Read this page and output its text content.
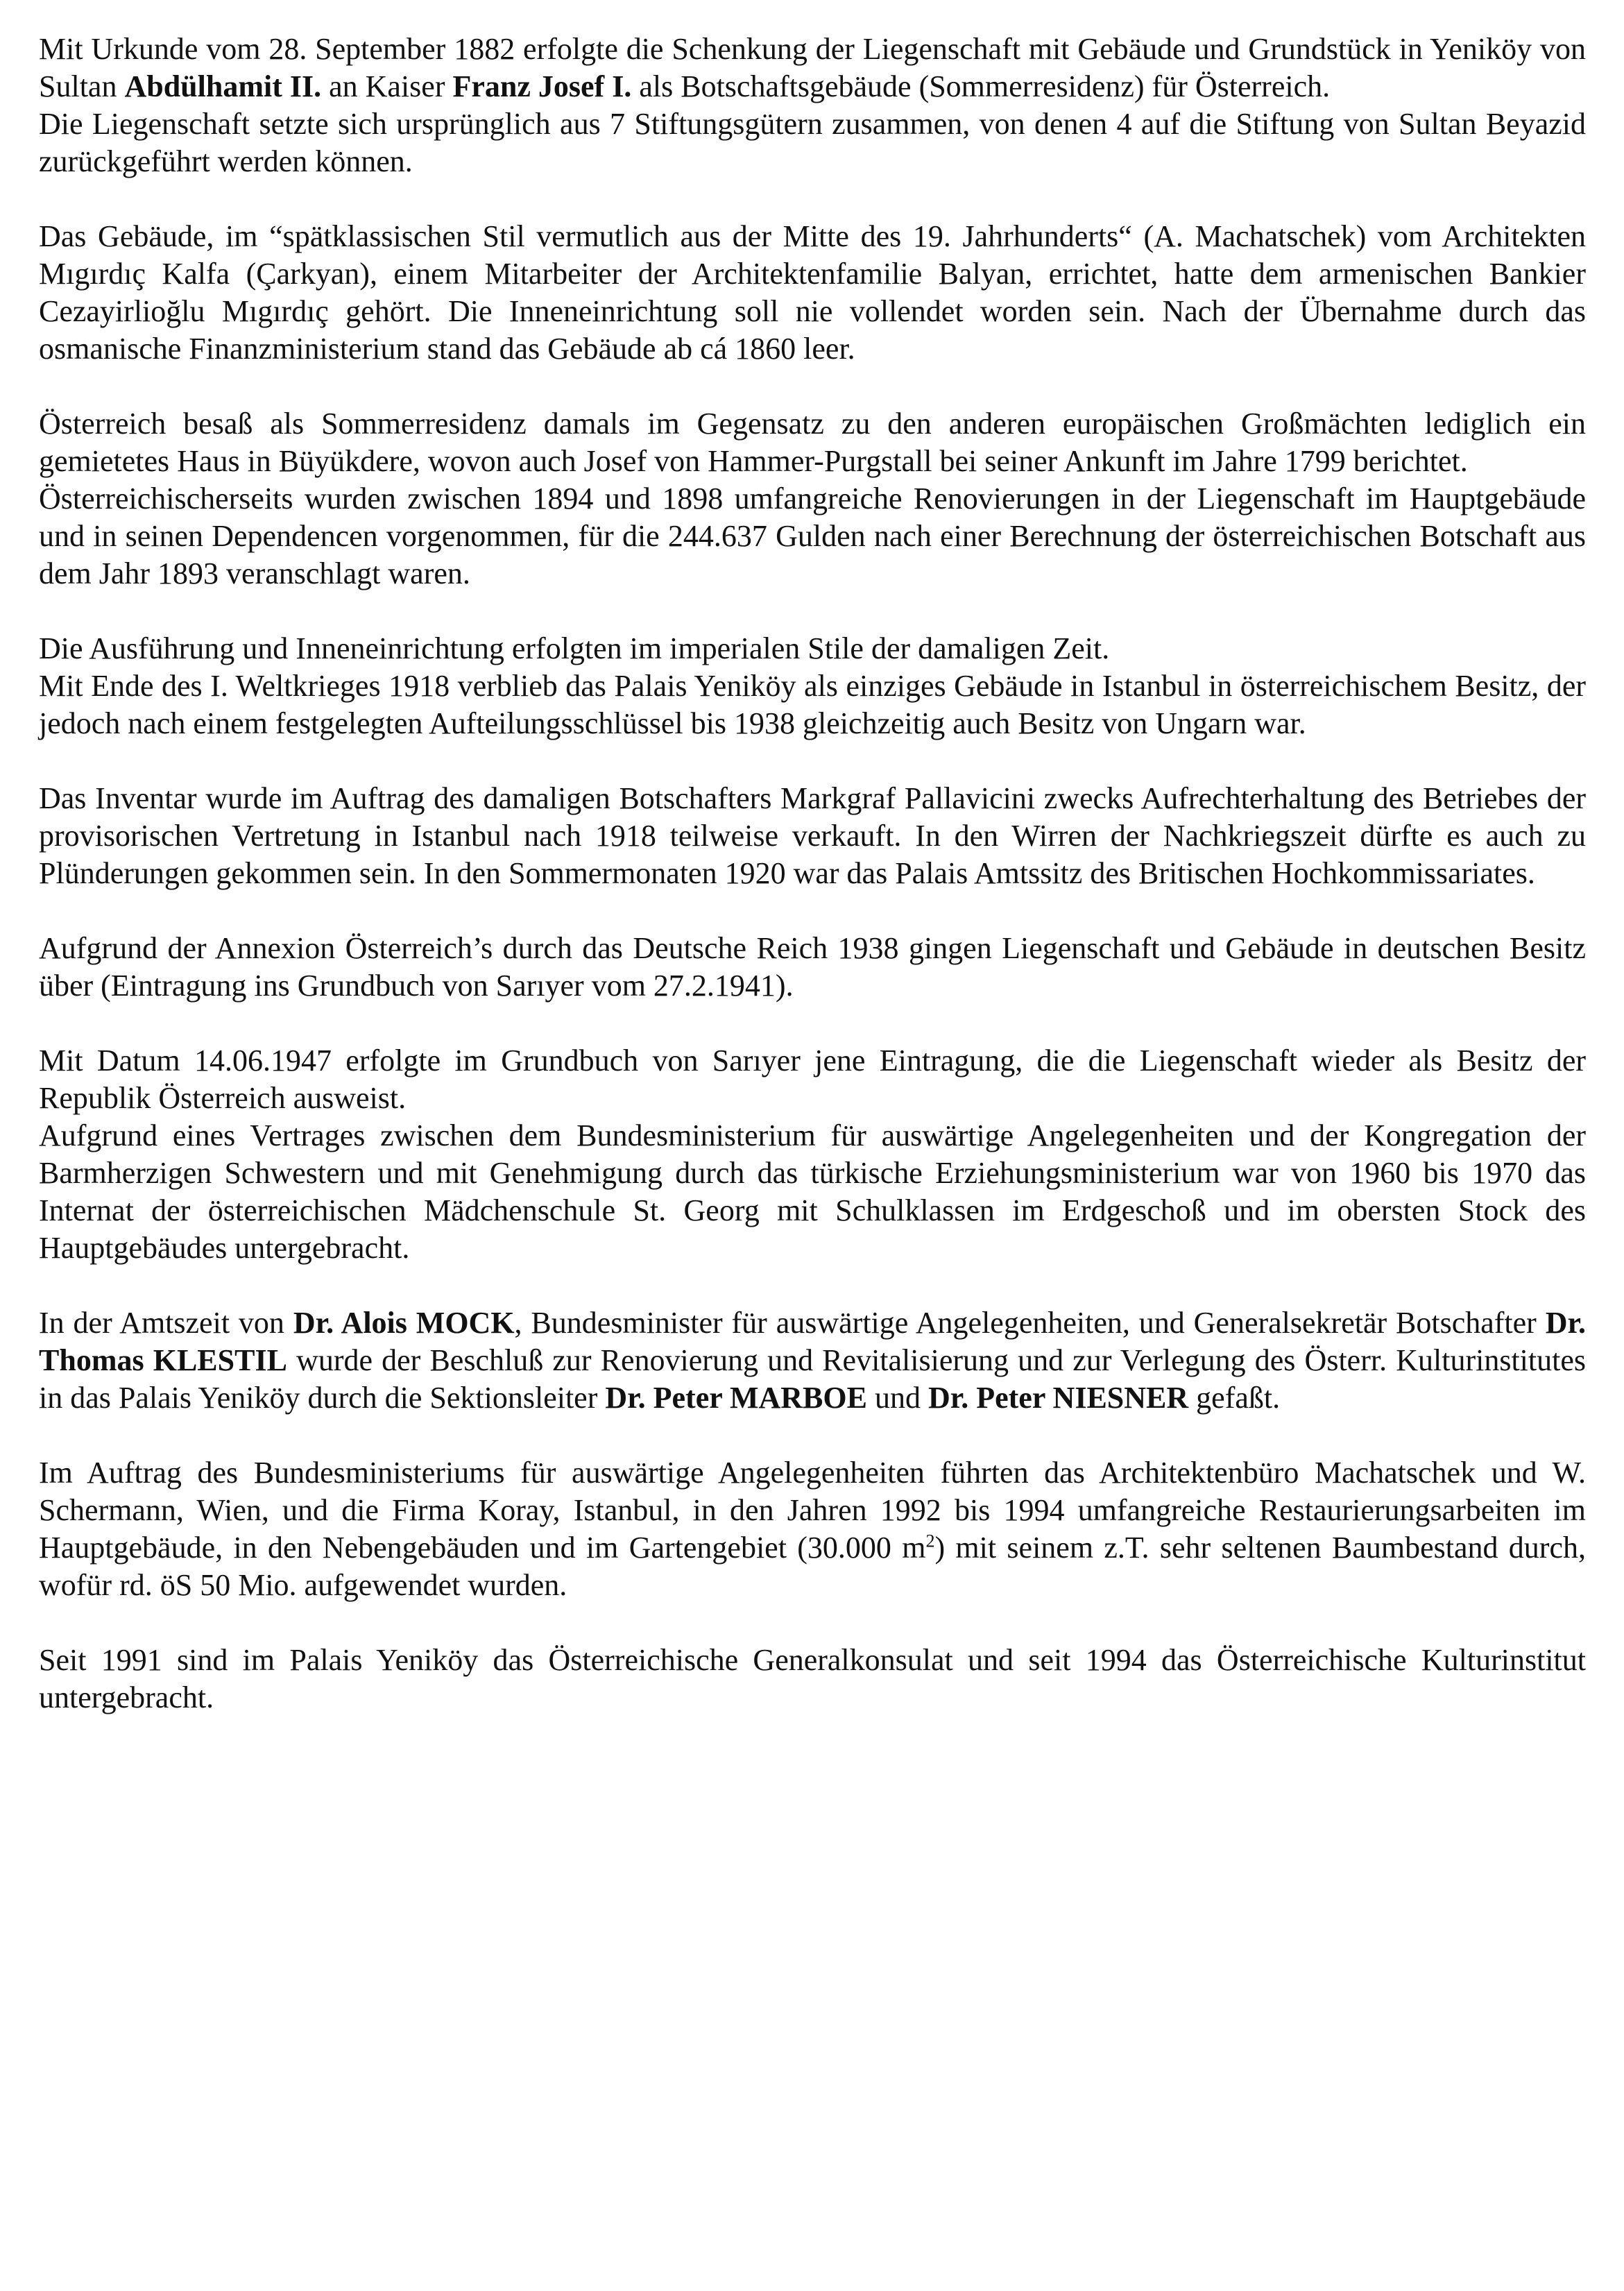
Mit Urkunde vom 28. September 1882 erfolgte die Schenkung der Liegenschaft mit Gebäude und Grundstück in Yeniköy von Sultan Abdülhamit II. an Kaiser Franz Josef I. als Botschaftsgebäude (Sommerresidenz) für Österreich.

Die Liegenschaft setzte sich ursprünglich aus 7 Stiftungsgütern zusammen, von denen 4 auf die Stiftung von Sultan Beyazid zurückgeführt werden können.

Das Gebäude, im “spätklassischen Stil vermutlich aus der Mitte des 19. Jahrhunderts“ (A. Machatschek) vom Architekten Mıgırdıç Kalfa (Çarkyan), einem Mitarbeiter der Architektenfamilie Balyan, errichtet, hatte dem armenischen Bankier Cezayirlioğlu Mıgırdıç gehört. Die Inneneinrichtung soll nie vollendet worden sein. Nach der Übernahme durch das osmanische Finanzministerium stand das Gebäude ab cá 1860 leer.

Österreich besaß als Sommerresidenz damals im Gegensatz zu den anderen europäischen Großmächten lediglich ein gemietetes Haus in Büyükdere, wovon auch Josef von Hammer-Purgstall bei seiner Ankunft im Jahre 1799 berichtet.

Österreichischerseits wurden zwischen 1894 und 1898 umfangreiche Renovierungen in der Liegenschaft im Hauptgebäude und in seinen Dependencen vorgenommen, für die 244.637 Gulden nach einer Berechnung der österreichischen Botschaft aus dem Jahr 1893 veranschlagt waren.

Die Ausführung und Inneneinrichtung erfolgten im imperialen Stile der damaligen Zeit.

Mit Ende des I. Weltkrieges 1918 verblieb das Palais Yeniköy als einziges Gebäude in Istanbul in österreichischem Besitz, der jedoch nach einem festgelegten Aufteilungsschlüssel bis 1938 gleichzeitig auch Besitz von Ungarn war.

Das Inventar wurde im Auftrag des damaligen Botschafters Markgraf Pallavicini zwecks Aufrechterhaltung des Betriebes der provisorischen Vertretung in Istanbul nach 1918 teilweise verkauft. In den Wirren der Nachkriegszeit dürfte es auch zu Plünderungen gekommen sein. In den Sommermonaten 1920 war das Palais Amtssitz des Britischen Hochkommissariates.

Aufgrund der Annexion Österreich’s durch das Deutsche Reich 1938 gingen Liegenschaft und Gebäude in deutschen Besitz über (Eintragung ins Grundbuch von Sarıyer vom 27.2.1941).

Mit Datum 14.06.1947 erfolgte im Grundbuch von Sarıyer jene Eintragung, die die Liegenschaft wieder als Besitz der Republik Österreich ausweist.

Aufgrund eines Vertrages zwischen dem Bundesministerium für auswärtige Angelegenheiten und der Kongregation der Barmherzigen Schwestern und mit Genehmigung durch das türkische Erziehungsministerium war von 1960 bis 1970 das Internat der österreichischen Mädchenschule St. Georg mit Schulklassen im Erdgeschoß und im obersten Stock des Hauptgebäudes untergebracht.

In der Amtszeit von Dr. Alois MOCK, Bundesminister für auswärtige Angelegenheiten, und Generalsekretär Botschafter Dr. Thomas KLESTIL wurde der Beschluß zur Renovierung und Revitalisierung und zur Verlegung des Österr. Kulturinstitutes in das Palais Yeniköy durch die Sektionsleiter Dr. Peter MARBOE und Dr. Peter NIESNER gefaßt.

Im Auftrag des Bundesministeriums für auswärtige Angelegenheiten führten das Architektenbüro Machatschek und W. Schermann, Wien, und die Firma Koray, Istanbul, in den Jahren 1992 bis 1994 umfangreiche Restaurierungsarbeiten im Hauptgebäude, in den Nebengebäuden und im Gartengebiet (30.000 $m^2$) mit seinem z.T. sehr seltenen Baumbestand durch, wofür rd. öS 50 Mio. aufgewendet wurden.

Seit 1991 sind im Palais Yeniköy das Österreichische Generalkonsulat und seit 1994 das Österreichische Kulturinstitut untergebracht.
